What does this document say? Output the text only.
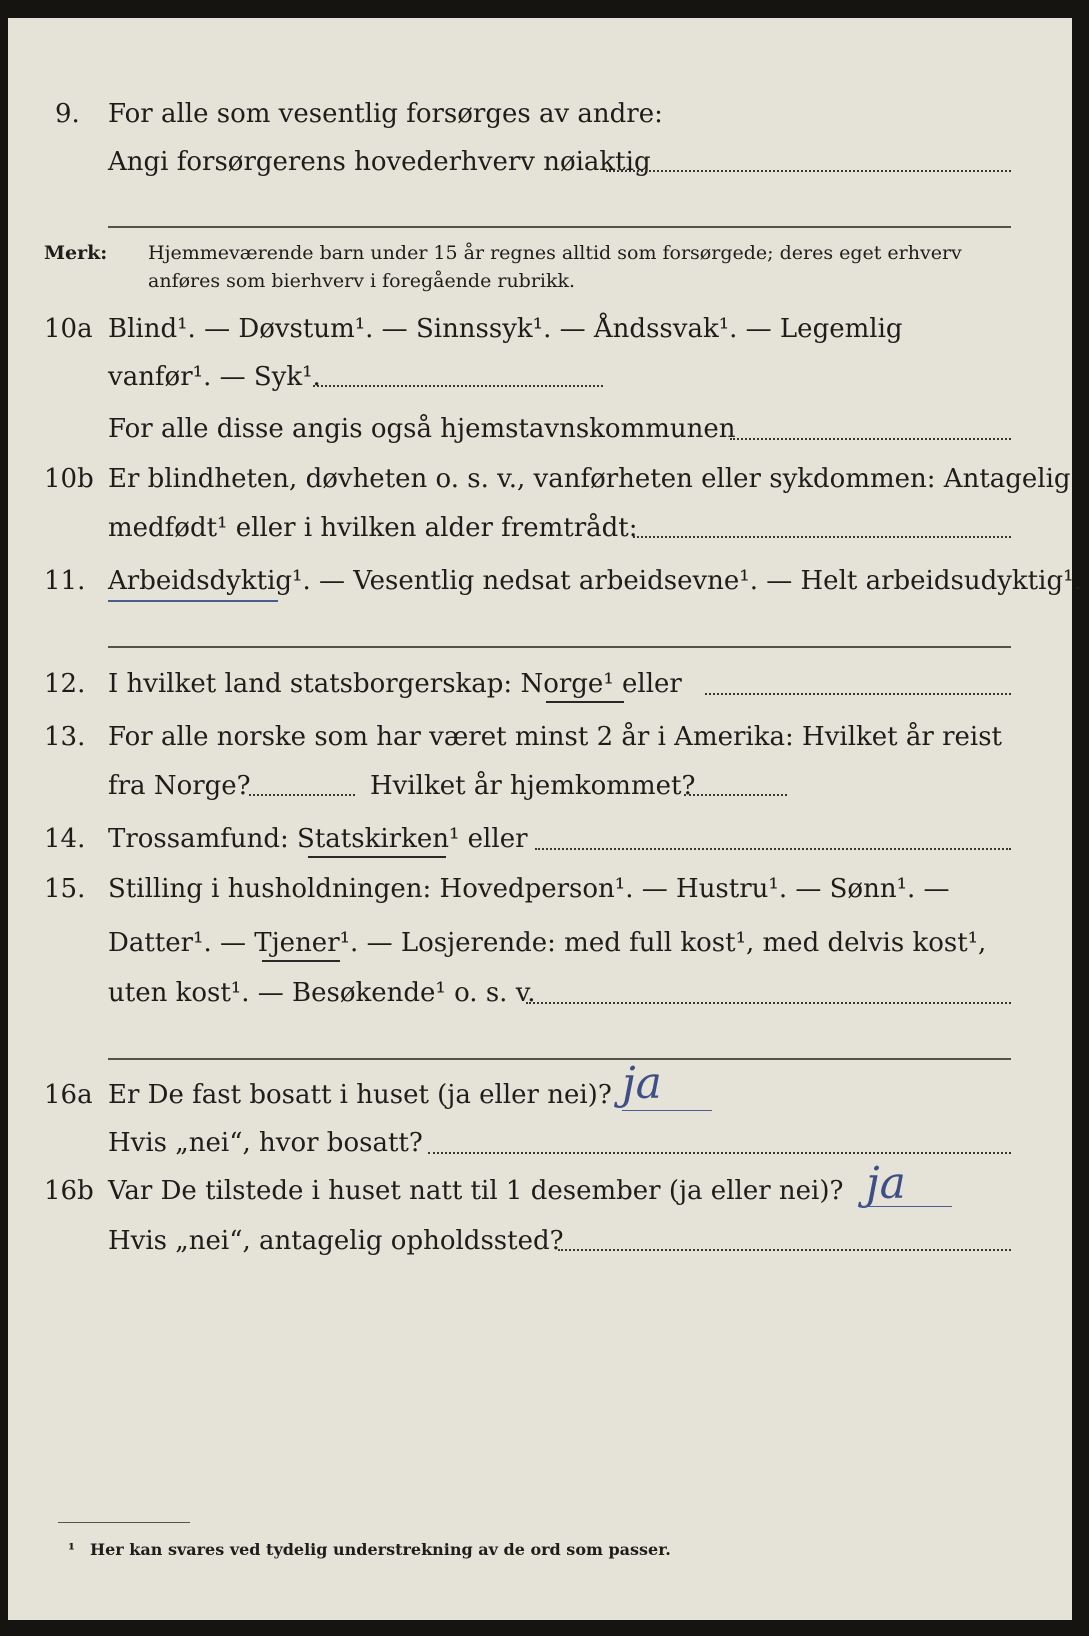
9. For alle som vesentlig forsørges av andre:
Angi forsørgerens hovederhverv nøiaktig
Merk: Hjemmeværende barn under 15 år regnes alltid som forsørgede; deres eget erhverv
anføres som bierhverv i foregående rubrikk.
10a Blind¹. — Døvstum¹. — Sinnssyk¹. — Åndssvak¹. — Legemlig
vanfør¹. — Syk¹.
For alle disse angis også hjemstavnskommunen
10b Er blindheten, døvheten o. s. v., vanførheten eller sykdommen: Antagelig
medfødt¹ eller i hvilken alder fremtrådt:
11. Arbeidsdyktig¹. — Vesentlig nedsat arbeidsevne¹. — Helt arbeidsudyktig¹.
12. I hvilket land statsborgerskap: Norge¹ eller
13. For alle norske som har været minst 2 år i Amerika: Hvilket år reist
fra Norge?	Hvilket år hjemkommet?
14. Trossamfund: Statskirken¹ eller
15. Stilling i husholdningen: Hovedperson¹. — Hustru¹. — Sønn¹. —
Datter¹. — Tjener¹. — Losjerende: med full kost¹, med delvis kost¹,
uten kost¹. — Besøkende¹ o. s. v.
16a Er De fast bosatt i huset (ja eller nei)? ja
Hvis „nei“, hvor bosatt?
16b Var De tilstede i huset natt til 1 desember (ja eller nei)? ja
Hvis „nei“, antagelig opholdssted?
¹ Her kan svares ved tydelig understrekning av de ord som passer.
